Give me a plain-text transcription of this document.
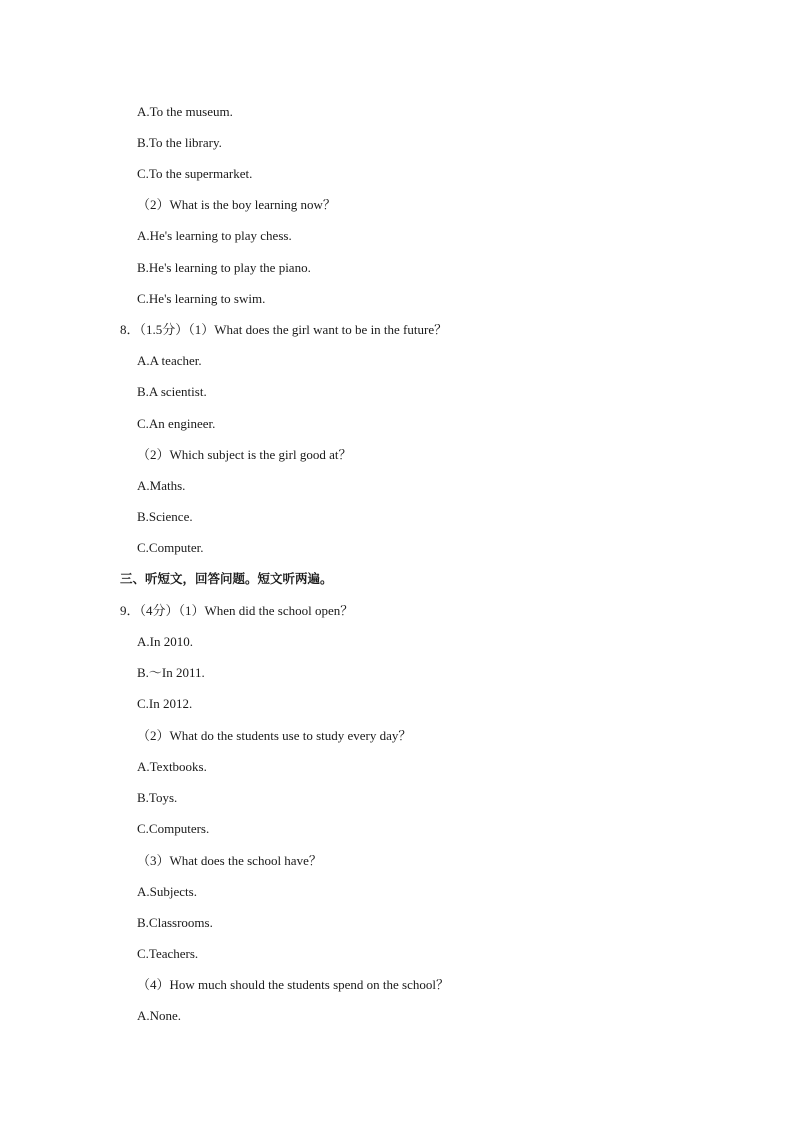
A.To the museum.
B.To the library.
C.To the supermarket.
（2）What is the boy learning now？
A.He's learning to play chess.
B.He's learning to play the piano.
C.He's learning to swim.
8．（1.5分）（1）What does the girl want to be in the future？
A.A teacher.
B.A scientist.
C.An engineer.
（2）Which subject is the girl good at？
A.Maths.
B.Science.
C.Computer.
三、听短文，回答问题。短文听两遍。
9．（4分）（1）When did the school open？
A.In 2010.
B.～In 2011.
C.In 2012.
（2）What do the students use to study every day？
A.Textbooks.
B.Toys.
C.Computers.
（3）What does the school have？
A.Subjects.
B.Classrooms.
C.Teachers.
（4）How much should the students spend on the school？
A.None.
